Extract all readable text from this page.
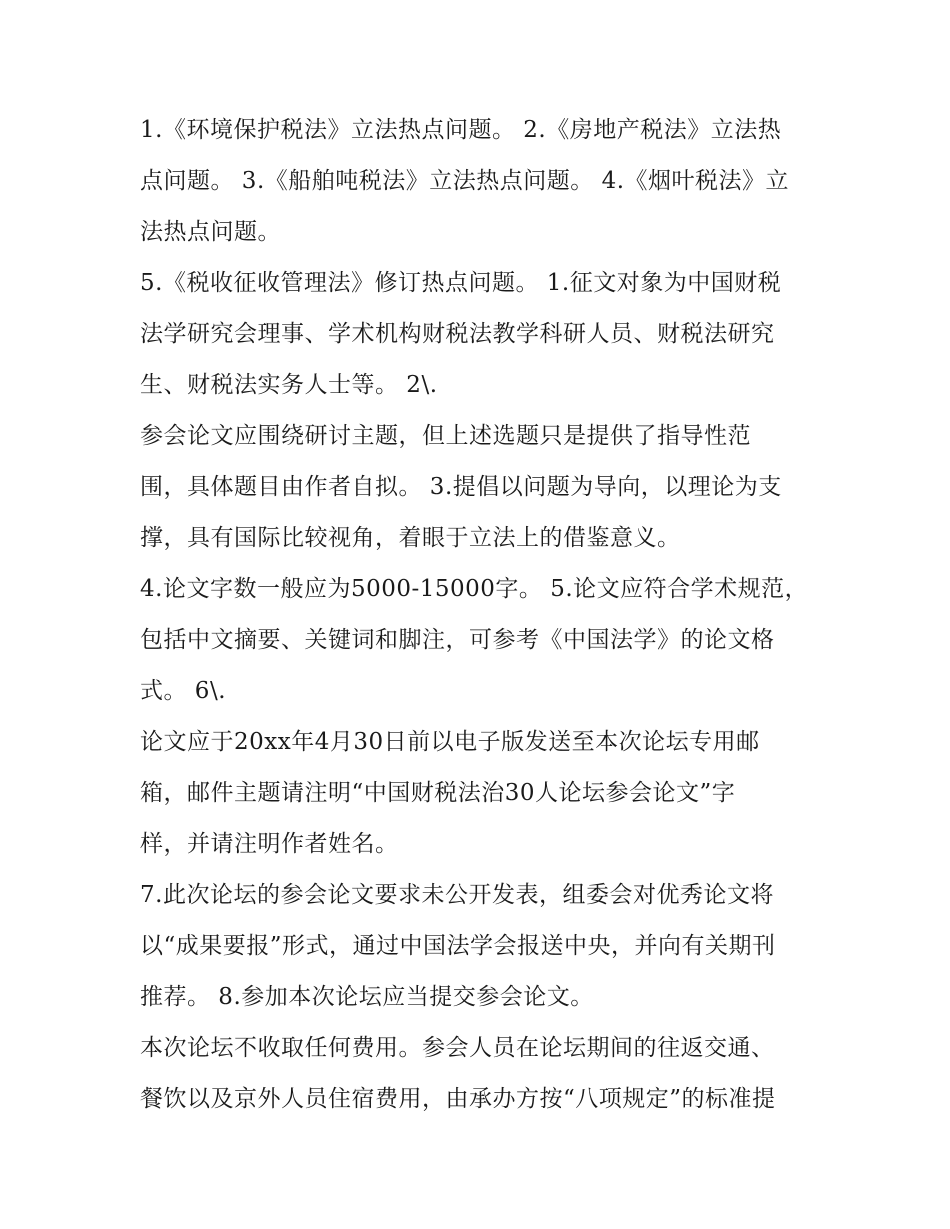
1.《环境保护税法》立法热点问题。 2.《房地产税法》立法热
点问题。 3.《船舶吨税法》立法热点问题。 4.《烟叶税法》立
法热点问题。
5.《税收征收管理法》修订热点问题。 1.征文对象为中国财税
法学研究会理事、学术机构财税法教学科研人员、财税法研究
生、财税法实务人士等。 2\.
参会论文应围绕研讨主题，但上述选题只是提供了指导性范
围，具体题目由作者自拟。 3.提倡以问题为导向，以理论为支
撑，具有国际比较视角，着眼于立法上的借鉴意义。
4.论文字数一般应为5000-15000字。 5.论文应符合学术规范，
包括中文摘要、关键词和脚注，可参考《中国法学》的论文格
式。 6\.
论文应于20xx年4月30日前以电子版发送至本次论坛专用邮
箱，邮件主题请注明“中国财税法治30人论坛参会论文”字
样，并请注明作者姓名。
7.此次论坛的参会论文要求未公开发表，组委会对优秀论文将
以“成果要报”形式，通过中国法学会报送中央，并向有关期刊
推荐。 8.参加本次论坛应当提交参会论文。
本次论坛不收取任何费用。参会人员在论坛期间的往返交通、
餐饮以及京外人员住宿费用，由承办方按“八项规定”的标准提
